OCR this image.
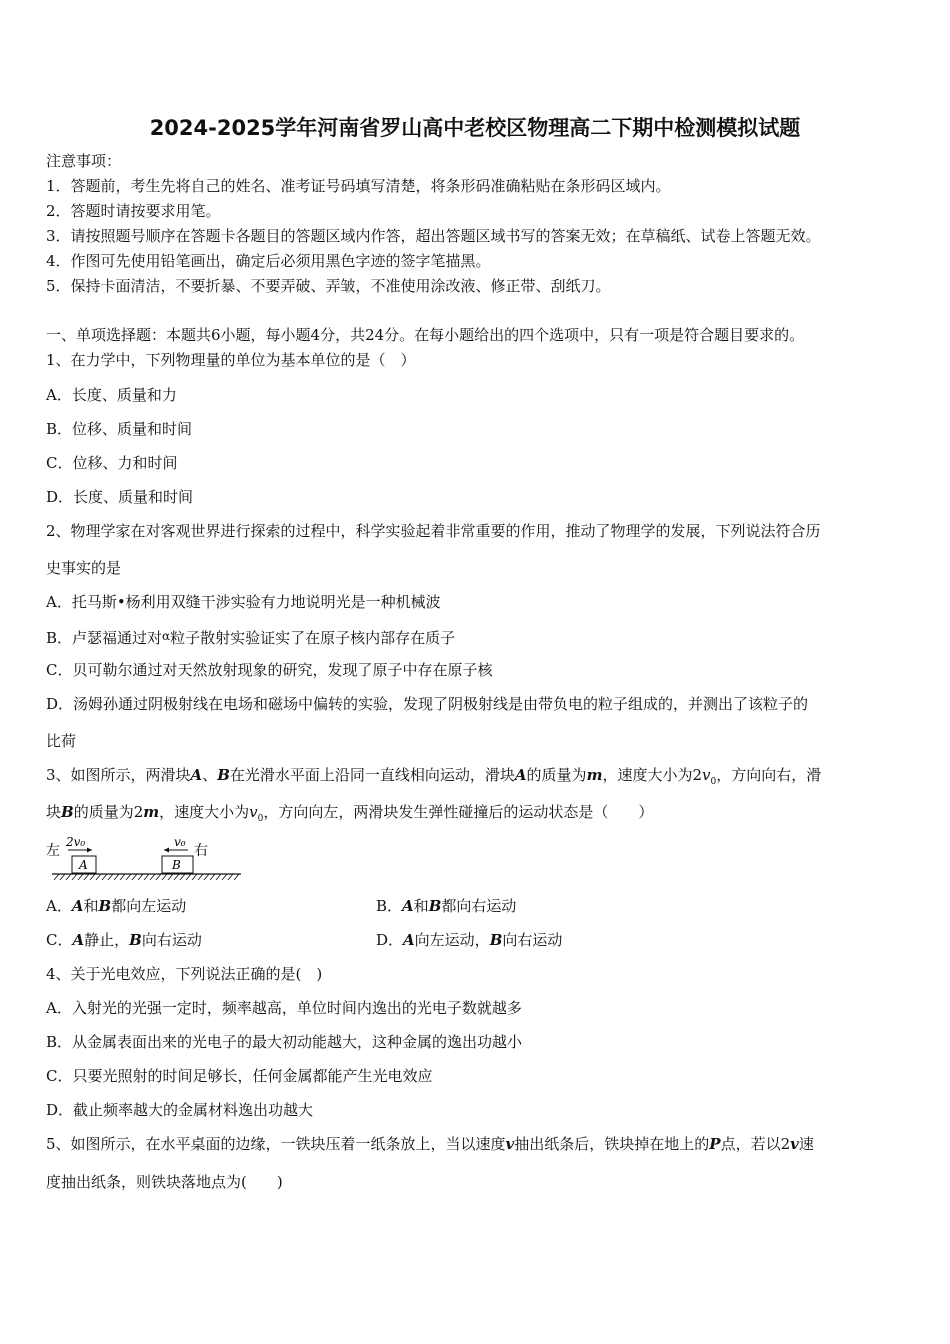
2024-2025学年河南省罗山高中老校区物理高二下期中检测模拟试题
注意事项：
1．答题前，考生先将自己的姓名、准考证号码填写清楚，将条形码准确粘贴在条形码区域内。
2．答题时请按要求用笔。
3．请按照题号顺序在答题卡各题目的答题区域内作答，超出答题区域书写的答案无效；在草稿纸、试卷上答题无效。
4．作图可先使用铅笔画出，确定后必须用黑色字迹的签字笔描黑。
5．保持卡面清洁，不要折暴、不要弄破、弄皱，不准使用涂改液、修正带、刮纸刀。
一、单项选择题：本题共6小题，每小题4分，共24分。在每小题给出的四个选项中，只有一项是符合题目要求的。
1、在力学中，下列物理量的单位为基本单位的是（　）
A．长度、质量和力
B．位移、质量和时间
C．位移、力和时间
D．长度、质量和时间
2、物理学家在对客观世界进行探索的过程中，科学实验起着非常重要的作用，推动了物理学的发展，下列说法符合历
史事实的是
A．托马斯•杨利用双缝干涉实验有力地说明光是一种机械波
B．卢瑟福通过对$^\alpha$粒子散射实验证实了在原子核内部存在质子
C．贝可勒尔通过对天然放射现象的研究，发现了原子中存在原子核
D．汤姆孙通过阴极射线在电场和磁场中偏转的实验，发现了阴极射线是由带负电的粒子组成的，并测出了该粒子的
比荷
3、如图所示，两滑块A、B在光滑水平面上沿同一直线相向运动，滑块A的质量为m，速度大小为$2v_0$，方向向右，滑
块B的质量为2m，速度大小为$v_0$，方向向左，两滑块发生弹性碰撞后的运动状态是（　　）
左	右
2v₀	v₀
A	B
A．A和B都向左运动	B．A和B都向右运动
C．A静止，B向右运动	D．A向左运动，B向右运动
4、关于光电效应，下列说法正确的是(　)
A．入射光的光强一定时，频率越高，单位时间内逸出的光电子数就越多
B．从金属表面出来的光电子的最大初动能越大，这种金属的逸出功越小
C．只要光照射的时间足够长，任何金属都能产生光电效应
D．截止频率越大的金属材料逸出功越大
5、如图所示，在水平桌面的边缘，一铁块压着一纸条放上，当以速度v抽出纸条后，铁块掉在地上的P点，若以2v速
度抽出纸条，则铁块落地点为(　　)
